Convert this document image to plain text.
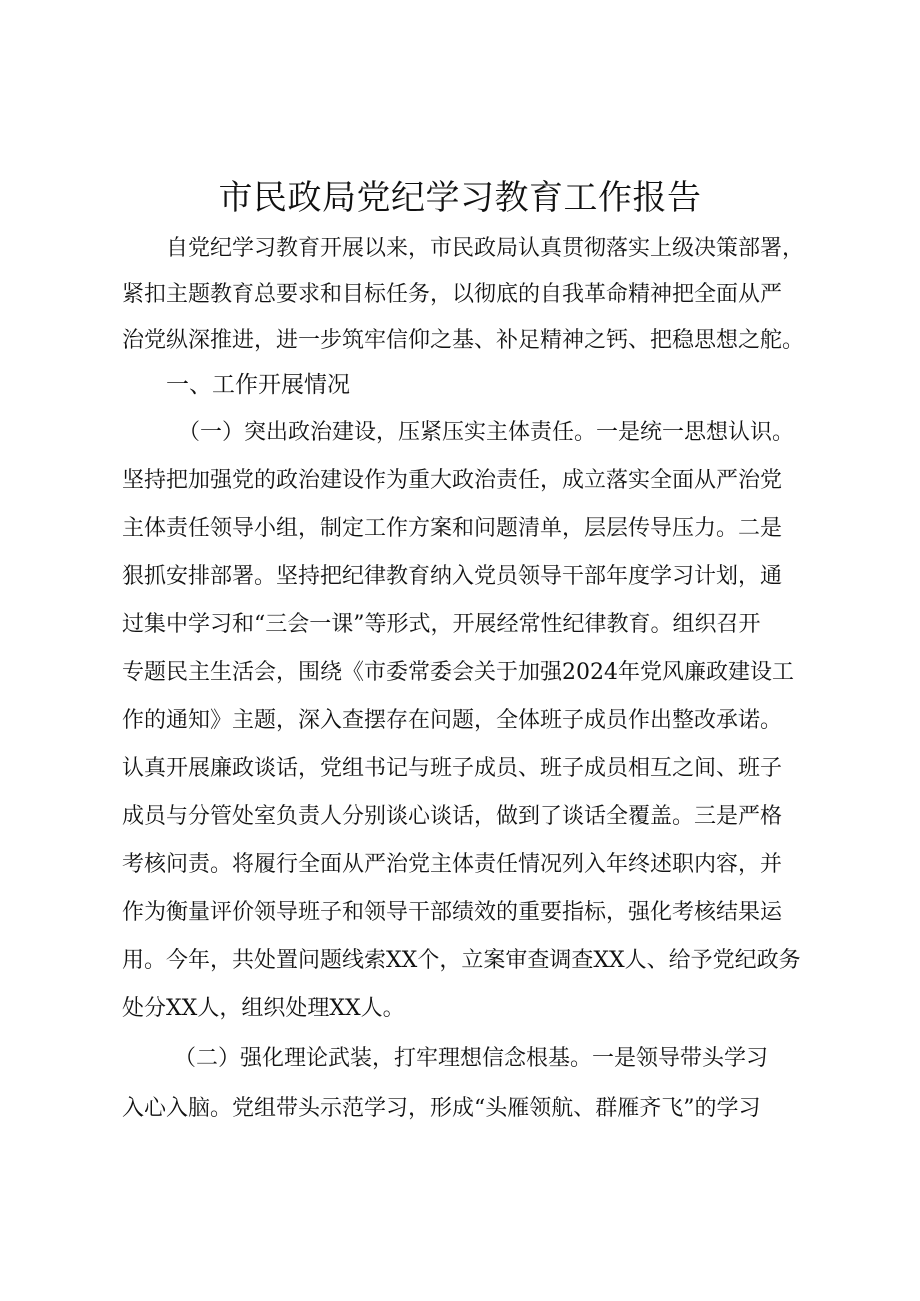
市民政局党纪学习教育工作报告
自党纪学习教育开展以来，市民政局认真贯彻落实上级决策部署，
紧扣主题教育总要求和目标任务，以彻底的自我革命精神把全面从严
治党纵深推进，进一步筑牢信仰之基、补足精神之钙、把稳思想之舵。
一、工作开展情况
（一）突出政治建设，压紧压实主体责任。一是统一思想认识。
坚持把加强党的政治建设作为重大政治责任，成立落实全面从严治党
主体责任领导小组，制定工作方案和问题清单，层层传导压力。二是
狠抓安排部署。坚持把纪律教育纳入党员领导干部年度学习计划，通
过集中学习和“三会一课”等形式，开展经常性纪律教育。组织召开
专题民主生活会，围绕《市委常委会关于加强2024年党风廉政建设工
作的通知》主题，深入查摆存在问题，全体班子成员作出整改承诺。
认真开展廉政谈话，党组书记与班子成员、班子成员相互之间、班子
成员与分管处室负责人分别谈心谈话，做到了谈话全覆盖。三是严格
考核问责。将履行全面从严治党主体责任情况列入年终述职内容，并
作为衡量评价领导班子和领导干部绩效的重要指标，强化考核结果运
用。今年，共处置问题线索XX个，立案审查调查XX人、给予党纪政务
处分XX人，组织处理XX人。
（二）强化理论武装，打牢理想信念根基。一是领导带头学习
入心入脑。党组带头示范学习，形成“头雁领航、群雁齐飞”的学习
